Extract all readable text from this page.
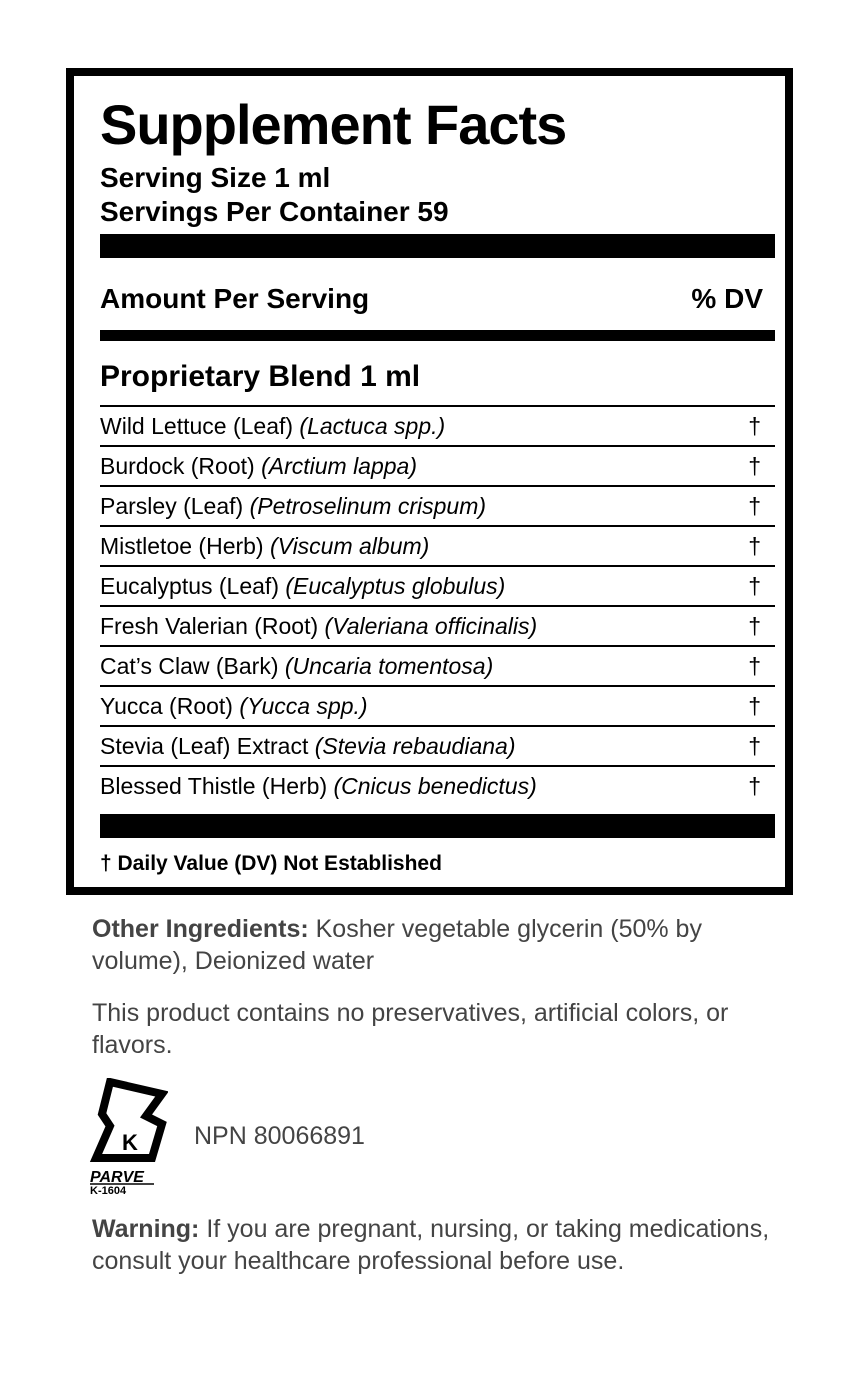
Supplement Facts
Serving Size 1 ml
Servings Per Container 59
Amount Per Serving	% DV
Proprietary Blend 1 ml
Wild Lettuce (Leaf) (Lactuca spp.)	†
Burdock (Root) (Arctium lappa)	†
Parsley (Leaf) (Petroselinum crispum)	†
Mistletoe (Herb) (Viscum album)	†
Eucalyptus (Leaf) (Eucalyptus globulus)	†
Fresh Valerian (Root) (Valeriana officinalis)	†
Cat’s Claw (Bark) (Uncaria tomentosa)	†
Yucca (Root) (Yucca spp.)	†
Stevia (Leaf) Extract (Stevia rebaudiana)	†
Blessed Thistle (Herb) (Cnicus benedictus)	†
† Daily Value (DV) Not Established
Other Ingredients: Kosher vegetable glycerin (50% by volume), Deionized water
This product contains no preservatives, artificial colors, or flavors.
K
PARVE
K-1604
NPN 80066891
Warning: If you are pregnant, nursing, or taking medications, consult your healthcare professional before use.
